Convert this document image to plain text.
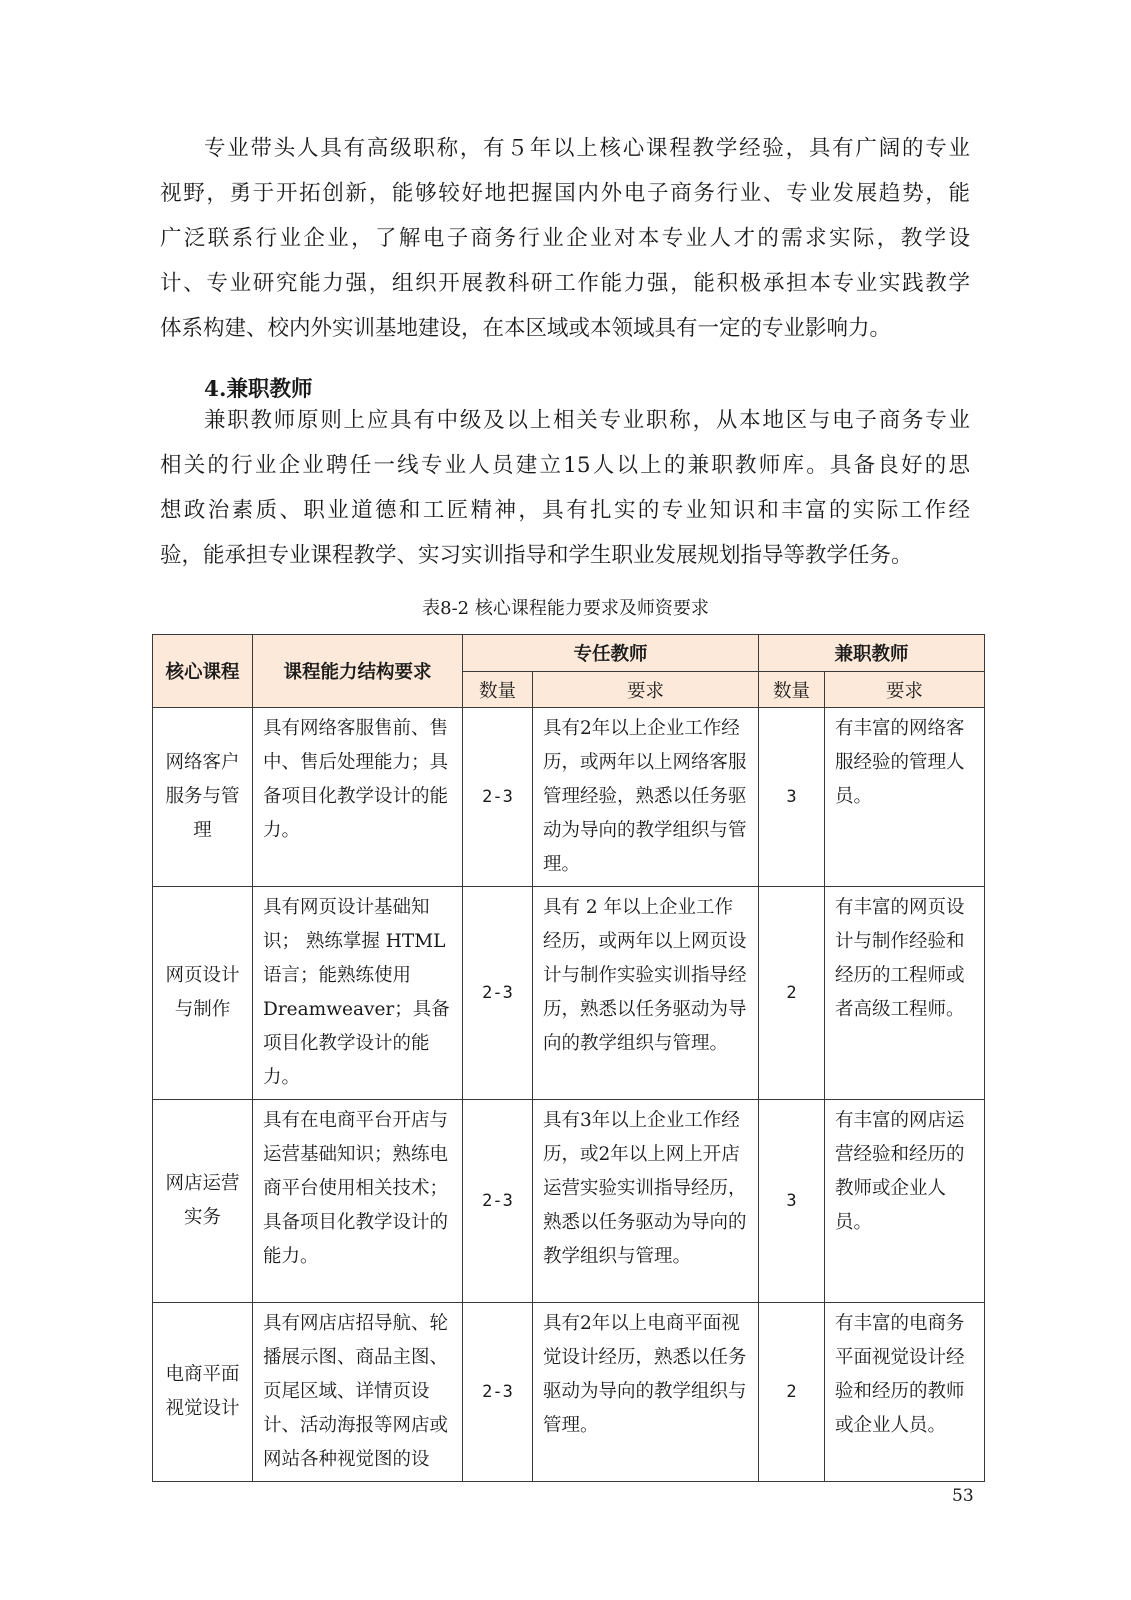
专业带头人具有高级职称，有５年以上核心课程教学经验，具有广阔的专业
视野，勇于开拓创新，能够较好地把握国内外电子商务行业、专业发展趋势，能
广泛联系行业企业，了解电子商务行业企业对本专业人才的需求实际，教学设
计、专业研究能力强，组织开展教科研工作能力强，能积极承担本专业实践教学
体系构建、校内外实训基地建设，在本区域或本领域具有一定的专业影响力。

4.兼职教师

兼职教师原则上应具有中级及以上相关专业职称，从本地区与电子商务专业
相关的行业企业聘任一线专业人员建立15人以上的兼职教师库。具备良好的思
想政治素质、职业道德和工匠精神，具有扎实的专业知识和丰富的实际工作经
验，能承担专业课程教学、实习实训指导和学生职业发展规划指导等教学任务。

表8-2 核心课程能力要求及师资要求

核心课程	课程能力结构要求	专任教师		兼职教师	
		数量	要求	数量	要求
网络客户服务与管理	具有网络客服售前、售中、售后处理能力；具备项目化教学设计的能力。	2-3	具有2年以上企业工作经历，或两年以上网络客服管理经验，熟悉以任务驱动为导向的教学组织与管理。	3	有丰富的网络客服经验的管理人员。
网页设计与制作	具有网页设计基础知识； 熟练掌握 HTML 语言；能熟练使用 Dreamweaver；具备项目化教学设计的能力。	2-3	具有 2 年以上企业工作经历，或两年以上网页设计与制作实验实训指导经历，熟悉以任务驱动为导向的教学组织与管理。	2	有丰富的网页设计与制作经验和经历的工程师或者高级工程师。
网店运营实务	具有在电商平台开店与运营基础知识；熟练电商平台使用相关技术；具备项目化教学设计的能力。	2-3	具有3年以上企业工作经历，或2年以上网上开店运营实验实训指导经历，熟悉以任务驱动为导向的教学组织与管理。	3	有丰富的网店运营经验和经历的教师或企业人员。
电商平面视觉设计	具有网店店招导航、轮播展示图、商品主图、页尾区域、详情页设计、活动海报等网店或网站各种视觉图的设	2-3	具有2年以上电商平面视觉设计经历，熟悉以任务驱动为导向的教学组织与管理。	2	有丰富的电商务平面视觉设计经验和经历的教师或企业人员。

53
